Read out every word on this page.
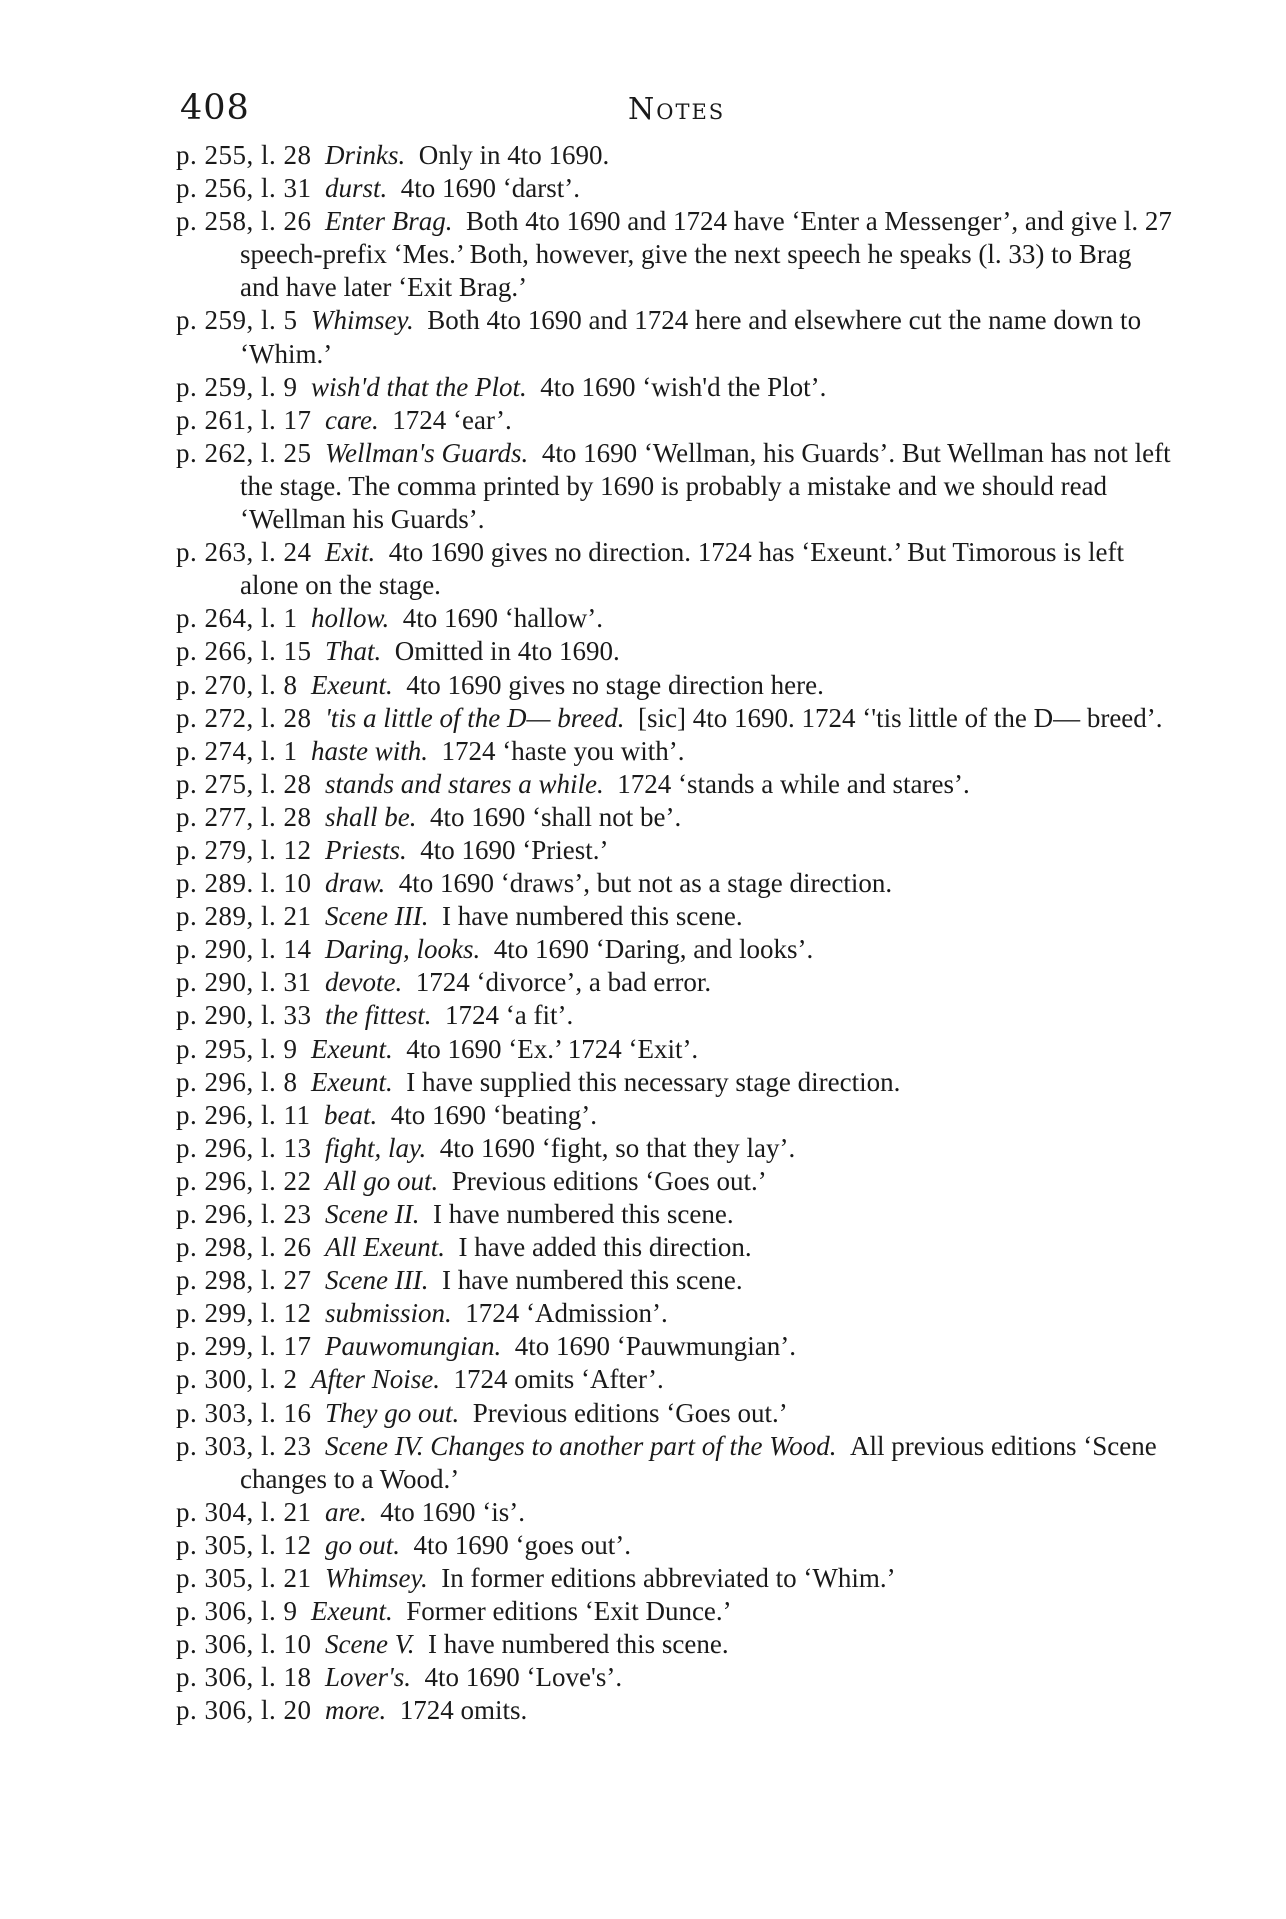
408	Notes
p. 255, l. 28  Drinks.  Only in 4to 1690.
p. 256, l. 31  durst.  4to 1690 ‘darst’.
p. 258, l. 26  Enter Brag.  Both 4to 1690 and 1724 have ‘Enter a Messenger’, and give l. 27 speech-prefix ‘Mes.’ Both, however, give the next speech he speaks (l. 33) to Brag and have later ‘Exit Brag.’
p. 259, l. 5  Whimsey.  Both 4to 1690 and 1724 here and elsewhere cut the name down to ‘Whim.’
p. 259, l. 9  wish'd that the Plot.  4to 1690 ‘wish'd the Plot’.
p. 261, l. 17  care.  1724 ‘ear’.
p. 262, l. 25  Wellman's Guards.  4to 1690 ‘Wellman, his Guards’. But Wellman has not left the stage. The comma printed by 1690 is probably a mistake and we should read ‘Wellman his Guards’.
p. 263, l. 24  Exit.  4to 1690 gives no direction. 1724 has ‘Exeunt.’ But Timorous is left alone on the stage.
p. 264, l. 1  hollow.  4to 1690 ‘hallow’.
p. 266, l. 15  That.  Omitted in 4to 1690.
p. 270, l. 8  Exeunt.  4to 1690 gives no stage direction here.
p. 272, l. 28  'tis a little of the D— breed.  [sic] 4to 1690. 1724 ‘'tis little of the D— breed’.
p. 274, l. 1  haste with.  1724 ‘haste you with’.
p. 275, l. 28  stands and stares a while.  1724 ‘stands a while and stares’.
p. 277, l. 28  shall be.  4to 1690 ‘shall not be’.
p. 279, l. 12  Priests.  4to 1690 ‘Priest.’
p. 289. l. 10  draw.  4to 1690 ‘draws’, but not as a stage direction.
p. 289, l. 21  Scene III.  I have numbered this scene.
p. 290, l. 14  Daring, looks.  4to 1690 ‘Daring, and looks’.
p. 290, l. 31  devote.  1724 ‘divorce’, a bad error.
p. 290, l. 33  the fittest.  1724 ‘a fit’.
p. 295, l. 9  Exeunt.  4to 1690 ‘Ex.’ 1724 ‘Exit’.
p. 296, l. 8  Exeunt.  I have supplied this necessary stage direction.
p. 296, l. 11  beat.  4to 1690 ‘beating’.
p. 296, l. 13  fight, lay.  4to 1690 ‘fight, so that they lay’.
p. 296, l. 22  All go out.  Previous editions ‘Goes out.’
p. 296, l. 23  Scene II.  I have numbered this scene.
p. 298, l. 26  All Exeunt.  I have added this direction.
p. 298, l. 27  Scene III.  I have numbered this scene.
p. 299, l. 12  submission.  1724 ‘Admission’.
p. 299, l. 17  Pauwomungian.  4to 1690 ‘Pauwmungian’.
p. 300, l. 2  After Noise.  1724 omits ‘After’.
p. 303, l. 16  They go out.  Previous editions ‘Goes out.’
p. 303, l. 23  Scene IV. Changes to another part of the Wood.  All previous editions ‘Scene changes to a Wood.’
p. 304, l. 21  are.  4to 1690 ‘is’.
p. 305, l. 12  go out.  4to 1690 ‘goes out’.
p. 305, l. 21  Whimsey.  In former editions abbreviated to ‘Whim.’
p. 306, l. 9  Exeunt.  Former editions ‘Exit Dunce.’
p. 306, l. 10  Scene V.  I have numbered this scene.
p. 306, l. 18  Lover's.  4to 1690 ‘Love's’.
p. 306, l. 20  more.  1724 omits.
